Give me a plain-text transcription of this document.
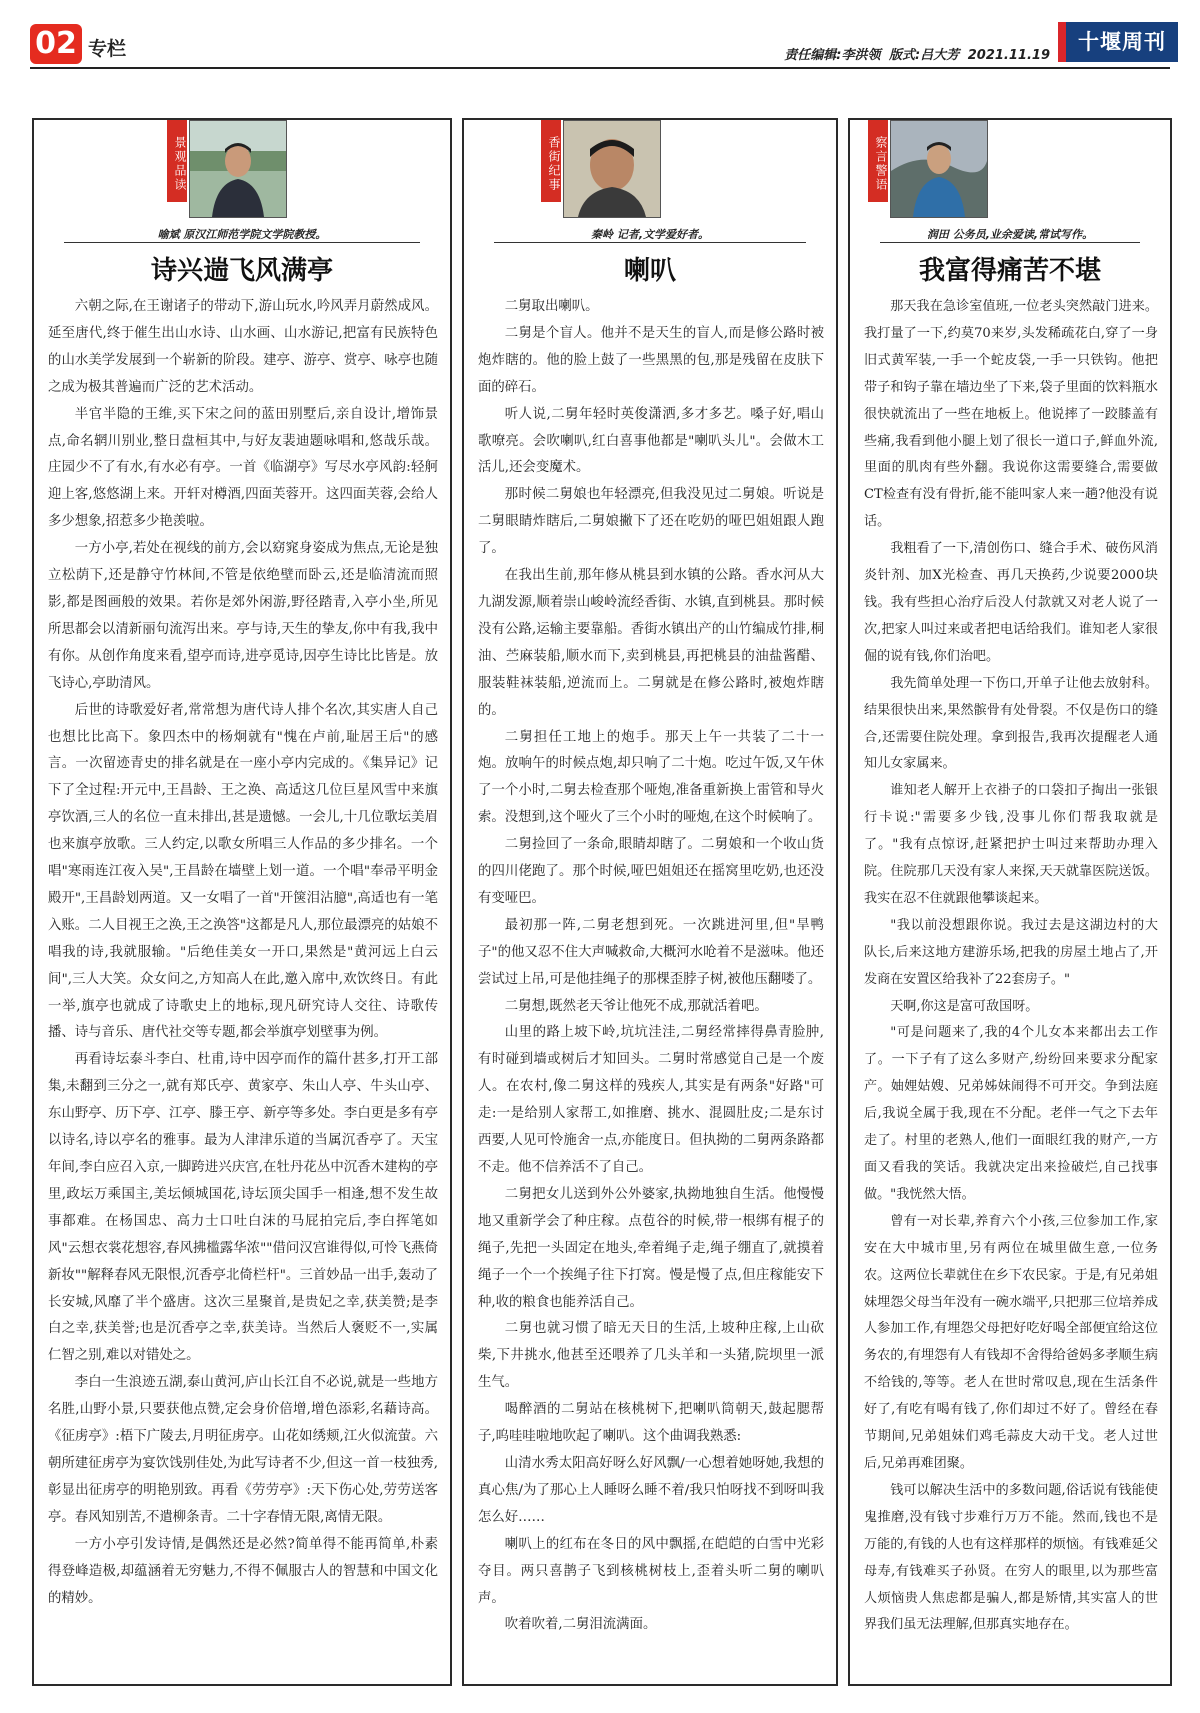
02 专栏	责任编辑:李洪领 版式:吕大芳 2021.11.19
十堰周刊
景观品读
喻斌 原汉江师范学院文学院教授。
诗兴遄飞风满亭

六朝之际,在王谢诸子的带动下,游山玩水,吟风弄月蔚然成风。延至唐代,终于催生出山水诗、山水画、山水游记,把富有民族特色的山水美学发展到一个崭新的阶段。建亭、游亭、赏亭、咏亭也随之成为极其普遍而广泛的艺术活动。

半官半隐的王维,买下宋之问的蓝田别墅后,亲自设计,增饰景点,命名辋川别业,整日盘桓其中,与好友裴迪题咏唱和,悠哉乐哉。庄园少不了有水,有水必有亭。一首《临湖亭》写尽水亭风韵:轻舸迎上客,悠悠湖上来。开轩对樽酒,四面芙蓉开。这四面芙蓉,会给人多少想象,招惹多少艳羡啦。

一方小亭,若处在视线的前方,会以窈窕身姿成为焦点,无论是独立松荫下,还是静守竹林间,不管是依绝壁而卧云,还是临清流而照影,都是图画般的效果。若你是郊外闲游,野径踏青,入亭小坐,所见所思都会以清新丽句流泻出来。亭与诗,天生的挚友,你中有我,我中有你。从创作角度来看,望亭而诗,进亭觅诗,因亭生诗比比皆是。放飞诗心,亭助清风。

后世的诗歌爱好者,常常想为唐代诗人排个名次,其实唐人自己也想比比高下。象四杰中的杨炯就有"愧在卢前,耻居王后"的感言。一次留迹青史的排名就是在一座小亭内完成的。《集异记》记下了全过程:开元中,王昌龄、王之涣、高适这几位巨星风雪中来旗亭饮酒,三人的名位一直未排出,甚是遗憾。一会儿,十几位歌坛美眉也来旗亭放歌。三人约定,以歌女所唱三人作品的多少排名。一个唱"寒雨连江夜入吴",王昌龄在墙壁上划一道。一个唱"奉帚平明金殿开",王昌龄划两道。又一女唱了一首"开箧泪沾臆",高适也有一笔入账。二人目视王之涣,王之涣答"这都是凡人,那位最漂亮的姑娘不唱我的诗,我就服输。"后绝佳美女一开口,果然是"黄河远上白云间",三人大笑。众女问之,方知高人在此,邀入席中,欢饮终日。有此一举,旗亭也就成了诗歌史上的地标,现凡研究诗人交往、诗歌传播、诗与音乐、唐代社交等专题,都会举旗亭划壁事为例。

再看诗坛泰斗李白、杜甫,诗中因亭而作的篇什甚多,打开工部集,未翻到三分之一,就有郑氏亭、黄家亭、朱山人亭、牛头山亭、东山野亭、历下亭、江亭、滕王亭、新亭等多处。李白更是多有亭以诗名,诗以亭名的雅事。最为人津津乐道的当属沉香亭了。天宝年间,李白应召入京,一脚跨进兴庆宫,在牡丹花丛中沉香木建构的亭里,政坛万乘国主,美坛倾城国花,诗坛顶尖国手一相逢,想不发生故事都难。在杨国忠、高力士口吐白沫的马屁拍完后,李白挥笔如风"云想衣裳花想容,春风拂槛露华浓""借问汉宫谁得似,可怜飞燕倚新妆""解释春风无限恨,沉香亭北倚栏杆"。三首妙品一出手,轰动了长安城,风靡了半个盛唐。这次三星聚首,是贵妃之幸,获美赞;是李白之幸,获美誉;也是沉香亭之幸,获美诗。当然后人褒贬不一,实属仁智之别,难以对错处之。

李白一生浪迹五湖,泰山黄河,庐山长江自不必说,就是一些地方名胜,山野小景,只要获他点赞,定会身价倍增,增色添彩,名藉诗高。《征虏亭》:梧下广陵去,月明征虏亭。山花如绣颊,江火似流萤。六朝所建征虏亭为宴饮饯别佳处,为此写诗者不少,但这一首一枝独秀,彰显出征虏亭的明艳别致。再看《劳劳亭》:天下伤心处,劳劳送客亭。春风知别苦,不遣柳条青。二十字春情无限,离情无限。

一方小亭引发诗情,是偶然还是必然?简单得不能再简单,朴素得登峰造极,却蕴涵着无穷魅力,不得不佩服古人的智慧和中国文化的精妙。

香街纪事
秦岭 记者,文学爱好者。
喇叭

二舅取出喇叭。

二舅是个盲人。他并不是天生的盲人,而是修公路时被炮炸瞎的。他的脸上鼓了一些黑黑的包,那是残留在皮肤下面的碎石。

听人说,二舅年轻时英俊潇洒,多才多艺。嗓子好,唱山歌嘹亮。会吹喇叭,红白喜事他都是"喇叭头儿"。会做木工活儿,还会变魔术。

那时候二舅娘也年轻漂亮,但我没见过二舅娘。听说是二舅眼睛炸瞎后,二舅娘撇下了还在吃奶的哑巴姐姐跟人跑了。

在我出生前,那年修从桃县到水镇的公路。香水河从大九湖发源,顺着崇山峻岭流经香街、水镇,直到桃县。那时候没有公路,运输主要靠船。香街水镇出产的山竹编成竹排,桐油、苎麻装船,顺水而下,卖到桃县,再把桃县的油盐酱醋、服装鞋袜装船,逆流而上。二舅就是在修公路时,被炮炸瞎的。

二舅担任工地上的炮手。那天上午一共装了二十一炮。放响午的时候点炮,却只响了二十炮。吃过午饭,又午休了一个小时,二舅去检查那个哑炮,准备重新换上雷管和导火索。没想到,这个哑火了三个小时的哑炮,在这个时候响了。

二舅捡回了一条命,眼睛却瞎了。二舅娘和一个收山货的四川佬跑了。那个时候,哑巴姐姐还在摇窝里吃奶,也还没有变哑巴。

最初那一阵,二舅老想到死。一次跳进河里,但"旱鸭子"的他又忍不住大声喊救命,大概河水呛着不是滋味。他还尝试过上吊,可是他挂绳子的那棵歪脖子树,被他压翻喽了。

二舅想,既然老天爷让他死不成,那就活着吧。

山里的路上坡下岭,坑坑洼洼,二舅经常摔得鼻青脸肿,有时碰到墙或树后才知回头。二舅时常感觉自己是一个废人。在农村,像二舅这样的残疾人,其实是有两条"好路"可走:一是给别人家帮工,如推磨、挑水、混圆肚皮;二是东讨西要,人见可怜施舍一点,亦能度日。但执拗的二舅两条路都不走。他不信养活不了自己。

二舅把女儿送到外公外婆家,执拗地独自生活。他慢慢地又重新学会了种庄稼。点苞谷的时候,带一根绑有棍子的绳子,先把一头固定在地头,牵着绳子走,绳子绷直了,就摸着绳子一个一个挨绳子往下打窝。慢是慢了点,但庄稼能安下种,收的粮食也能养活自己。

二舅也就习惯了暗无天日的生活,上坡种庄稼,上山砍柴,下井挑水,他甚至还喂养了几头羊和一头猪,院坝里一派生气。

喝醉酒的二舅站在核桃树下,把喇叭筒朝天,鼓起腮帮子,呜哇哇啦地吹起了喇叭。这个曲调我熟悉:

山清水秀太阳高好呀么好风飘/一心想着她呀她,我想的真心焦/为了那心上人睡呀么睡不着/我只怕呀找不到呀叫我怎么好……

喇叭上的红布在冬日的风中飘摇,在皑皑的白雪中光彩夺目。两只喜鹊子飞到核桃树枝上,歪着头听二舅的喇叭声。

吹着吹着,二舅泪流满面。

察言警语
润田 公务员,业余爱读,常试写作。
我富得痛苦不堪

那天我在急诊室值班,一位老头突然敲门进来。我打量了一下,约莫70来岁,头发稀疏花白,穿了一身旧式黄军装,一手一个蛇皮袋,一手一只铁钩。他把带子和钩子靠在墙边坐了下来,袋子里面的饮料瓶水很快就流出了一些在地板上。他说摔了一跤膝盖有些痛,我看到他小腿上划了很长一道口子,鲜血外流,里面的肌肉有些外翻。我说你这需要缝合,需要做CT检查有没有骨折,能不能叫家人来一趟?他没有说话。

我粗看了一下,清创伤口、缝合手术、破伤风消炎针剂、加X光检查、再几天换药,少说要2000块钱。我有些担心治疗后没人付款就又对老人说了一次,把家人叫过来或者把电话给我们。谁知老人家很倔的说有钱,你们治吧。

我先简单处理一下伤口,开单子让他去放射科。结果很快出来,果然髌骨有处骨裂。不仅是伤口的缝合,还需要住院处理。拿到报告,我再次提醒老人通知儿女家属来。

谁知老人解开上衣褂子的口袋扣子掏出一张银行卡说:"需要多少钱,没事儿你们帮我取就是了。"我有点惊讶,赶紧把护士叫过来帮助办理入院。住院那几天没有家人来探,天天就靠医院送饭。我实在忍不住就跟他攀谈起来。

"我以前没想跟你说。我过去是这湖边村的大队长,后来这地方建游乐场,把我的房屋土地占了,开发商在安置区给我补了22套房子。"

天啊,你这是富可敌国呀。

"可是问题来了,我的4个儿女本来都出去工作了。一下子有了这么多财产,纷纷回来要求分配家产。妯娌姑嫂、兄弟姊妹闹得不可开交。争到法庭后,我说全属于我,现在不分配。老伴一气之下去年走了。村里的老熟人,他们一面眼红我的财产,一方面又看我的笑话。我就决定出来捡破烂,自己找事做。"我恍然大悟。

曾有一对长辈,养育六个小孩,三位参加工作,家安在大中城市里,另有两位在城里做生意,一位务农。这两位长辈就住在乡下农民家。于是,有兄弟姐妹埋怨父母当年没有一碗水端平,只把那三位培养成人参加工作,有埋怨父母把好吃好喝全部便宜给这位务农的,有埋怨有人有钱却不舍得给爸妈多孝顺生病不给钱的,等等。老人在世时常叹息,现在生活条件好了,有吃有喝有钱了,你们却过不好了。曾经在春节期间,兄弟姐妹们鸡毛蒜皮大动干戈。老人过世后,兄弟再难团聚。

钱可以解决生活中的多数问题,俗话说有钱能使鬼推磨,没有钱寸步难行万万不能。然而,钱也不是万能的,有钱的人也有这样那样的烦恼。有钱难延父母寿,有钱难买子孙贤。在穷人的眼里,以为那些富人烦恼贵人焦虑都是骗人,都是矫情,其实富人的世界我们虽无法理解,但那真实地存在。
